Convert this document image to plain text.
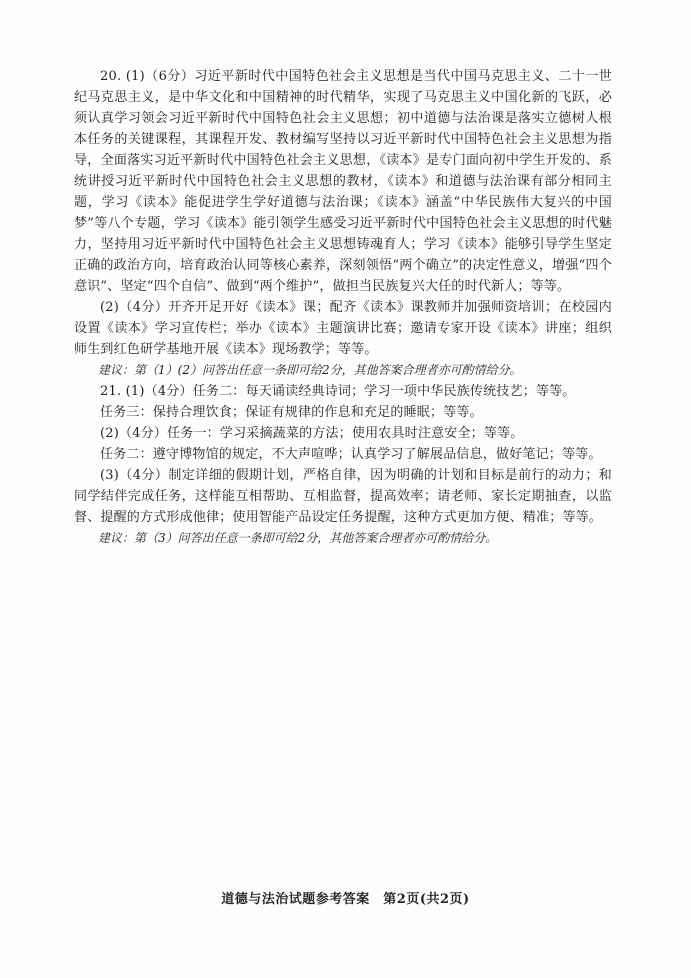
20. (1)（6分）习近平新时代中国特色社会主义思想是当代中国马克思主义、二十一世纪马克思主义，是中华文化和中国精神的时代精华，实现了马克思主义中国化新的飞跃，必须认真学习领会习近平新时代中国特色社会主义思想；初中道德与法治课是落实立德树人根本任务的关键课程，其课程开发、教材编写坚持以习近平新时代中国特色社会主义思想为指导，全面落实习近平新时代中国特色社会主义思想，《读本》是专门面向初中学生开发的、系统讲授习近平新时代中国特色社会主义思想的教材，《读本》和道德与法治课有部分相同主题，学习《读本》能促进学生学好道德与法治课；《读本》涵盖“中华民族伟大复兴的中国梦”等八个专题，学习《读本》能引领学生感受习近平新时代中国特色社会主义思想的时代魅力，坚持用习近平新时代中国特色社会主义思想铸魂育人；学习《读本》能够引导学生坚定正确的政治方向，培育政治认同等核心素养，深刻领悟“两个确立”的决定性意义，增强“四个意识”、坚定“四个自信”、做到“两个维护”，做担当民族复兴大任的时代新人；等等。

(2)（4分）开齐开足开好《读本》课；配齐《读本》课教师并加强师资培训；在校园内设置《读本》学习宣传栏；举办《读本》主题演讲比赛；邀请专家开设《读本》讲座；组织师生到红色研学基地开展《读本》现场教学；等等。

建议：第（1）(2）问答出任意一条即可给2分，其他答案合理者亦可酌情给分。

21. (1)（4分）任务二：每天诵读经典诗词；学习一项中华民族传统技艺；等等。

任务三：保持合理饮食；保证有规律的作息和充足的睡眠；等等。

(2)（4分）任务一：学习采摘蔬菜的方法；使用农具时注意安全；等等。

任务二：遵守博物馆的规定，不大声喧哗；认真学习了解展品信息，做好笔记；等等。

(3)（4分）制定详细的假期计划，严格自律，因为明确的计划和目标是前行的动力；和同学结伴完成任务，这样能互相帮助、互相监督，提高效率；请老师、家长定期抽查，以监督、提醒的方式形成他律；使用智能产品设定任务提醒，这种方式更加方便、精准；等等。

建议：第（3）问答出任意一条即可给2分，其他答案合理者亦可酌情给分。

道德与法治试题参考答案　第2页(共2页)
